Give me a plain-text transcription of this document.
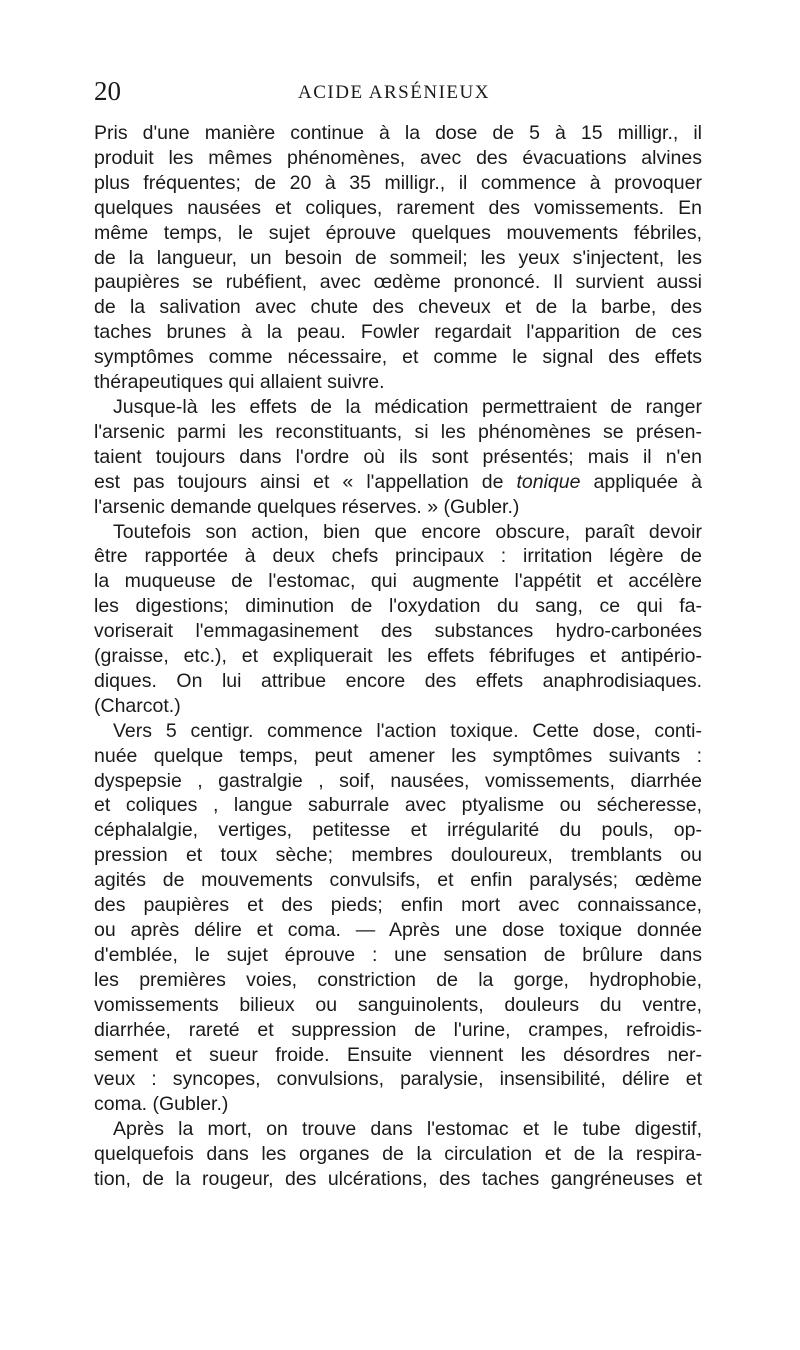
20	ACIDE ARSÉNIEUX

Pris d'une manière continue à la dose de 5 à 15 milligr., il
produit les mêmes phénomènes, avec des évacuations alvines
plus fréquentes; de 20 à 35 milligr., il commence à provoquer
quelques nausées et coliques, rarement des vomissements. En
même temps, le sujet éprouve quelques mouvements fébriles,
de la langueur, un besoin de sommeil; les yeux s'injectent, les
paupières se rubéfient, avec œdème prononcé. Il survient aussi
de la salivation avec chute des cheveux et de la barbe, des
taches brunes à la peau. Fowler regardait l'apparition de ces
symptômes comme nécessaire, et comme le signal des effets
thérapeutiques qui allaient suivre.

Jusque-là les effets de la médication permettraient de ranger
l'arsenic parmi les reconstituants, si les phénomènes se présen-
taient toujours dans l'ordre où ils sont présentés; mais il n'en
est pas toujours ainsi et « l'appellation de tonique appliquée à
l'arsenic demande quelques réserves. » (Gubler.)

Toutefois son action, bien que encore obscure, paraît devoir
être rapportée à deux chefs principaux : irritation légère de
la muqueuse de l'estomac, qui augmente l'appétit et accélère
les digestions; diminution de l'oxydation du sang, ce qui fa-
voriserait l'emmagasinement des substances hydro-carbonées
(graisse, etc.), et expliquerait les effets fébrifuges et antipério-
diques. On lui attribue encore des effets anaphrodisiaques.
(Charcot.)

Vers 5 centigr. commence l'action toxique. Cette dose, conti-
nuée quelque temps, peut amener les symptômes suivants :
dyspepsie , gastralgie , soif, nausées, vomissements, diarrhée
et coliques , langue saburrale avec ptyalisme ou sécheresse,
céphalalgie, vertiges, petitesse et irrégularité du pouls, op-
pression et toux sèche; membres douloureux, tremblants ou
agités de mouvements convulsifs, et enfin paralysés; œdème
des paupières et des pieds; enfin mort avec connaissance,
ou après délire et coma. — Après une dose toxique donnée
d'emblée, le sujet éprouve : une sensation de brûlure dans
les premières voies, constriction de la gorge, hydrophobie,
vomissements bilieux ou sanguinolents, douleurs du ventre,
diarrhée, rareté et suppression de l'urine, crampes, refroidis-
sement et sueur froide. Ensuite viennent les désordres ner-
veux : syncopes, convulsions, paralysie, insensibilité, délire et
coma. (Gubler.)

Après la mort, on trouve dans l'estomac et le tube digestif,
quelquefois dans les organes de la circulation et de la respira-
tion, de la rougeur, des ulcérations, des taches gangréneuses et
